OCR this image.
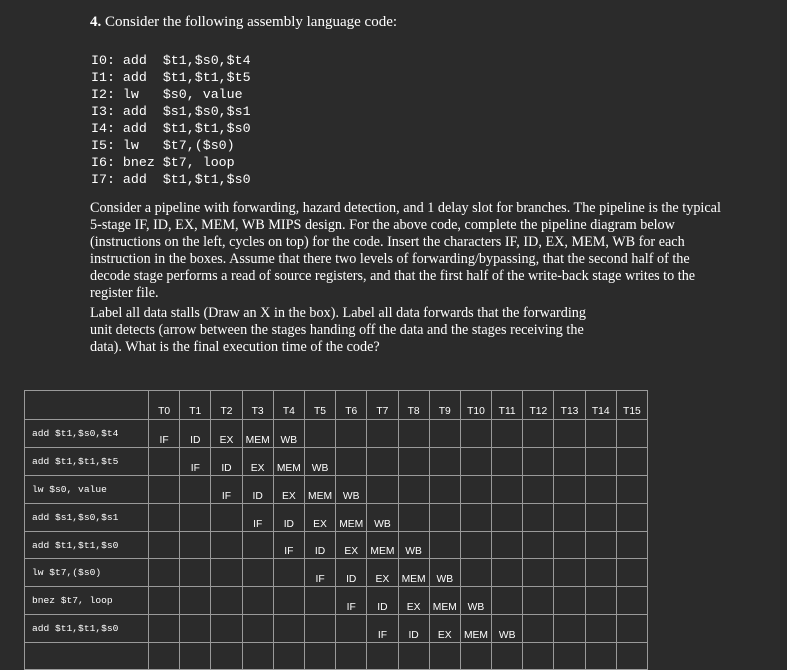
4. Consider the following assembly language code:

I0: add  $t1,$s0,$t4
I1: add  $t1,$t1,$t5
I2: lw   $s0, value
I3: add  $s1,$s0,$s1
I4: add  $t1,$t1,$s0
I5: lw   $t7,($s0)
I6: bnez $t7, loop
I7: add  $t1,$t1,$s0

Consider a pipeline with forwarding, hazard detection, and 1 delay slot for branches. The pipeline is the typical 5-stage IF, ID, EX, MEM, WB MIPS design. For the above code, complete the pipeline diagram below (instructions on the left, cycles on top) for the code. Insert the characters IF, ID, EX, MEM, WB for each instruction in the boxes. Assume that there two levels of forwarding/bypassing, that the second half of the decode stage performs a read of source registers, and that the first half of the write-back stage writes to the register file.

Label all data stalls (Draw an X in the box). Label all data forwards that the forwarding unit detects (arrow between the stages handing off the data and the stages receiving the data). What is the final execution time of the code?

	T0	T1	T2	T3	T4	T5	T6	T7	T8	T9	T10	T11	T12	T13	T14	T15
add $t1,$s0,$t4	IF	ID	EX	MEM	WB											
add $t1,$t1,$t5		IF	ID	EX	MEM	WB										
lw $s0, value			IF	ID	EX	MEM	WB									
add $s1,$s0,$s1				IF	ID	EX	MEM	WB								
add $t1,$t1,$s0					IF	ID	EX	MEM	WB							
lw $t7,($s0)						IF	ID	EX	MEM	WB						
bnez $t7, loop							IF	ID	EX	MEM	WB					
add $t1,$t1,$s0								IF	ID	EX	MEM	WB				
